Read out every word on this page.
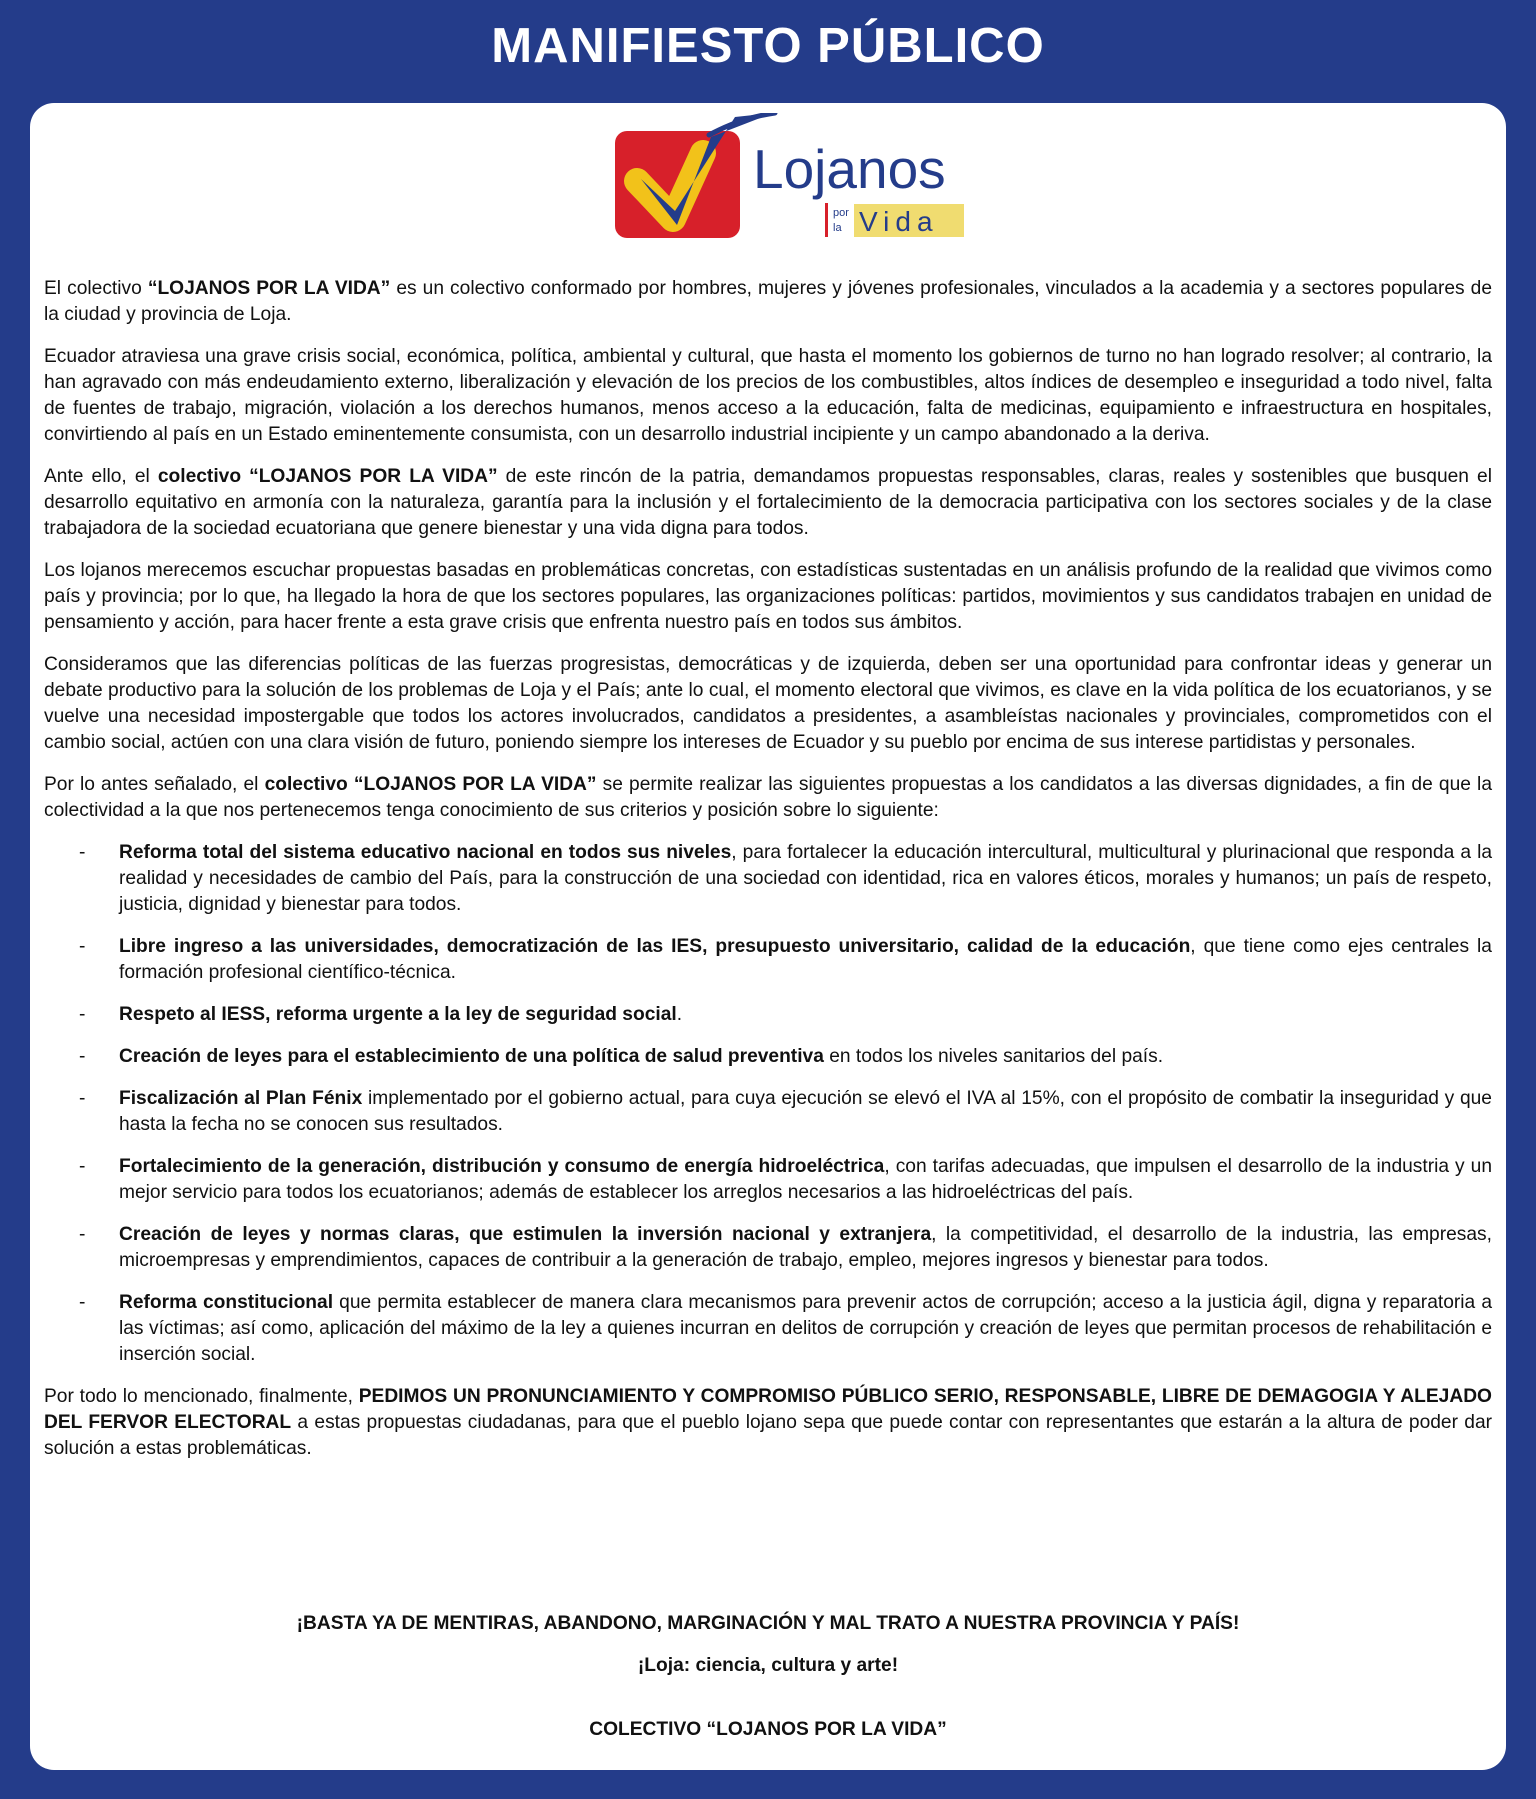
MANIFIESTO PÚBLICO
Lojanos
por
la Vida

El colectivo “LOJANOS POR LA VIDA” es un colectivo conformado por hombres, mujeres y jóvenes profesionales, vinculados a la academia y a sectores populares de la ciudad y provincia de Loja.

Ecuador atraviesa una grave crisis social, económica, política, ambiental y cultural, que hasta el momento los gobiernos de turno no han logrado resolver; al contrario, la han agravado con más endeudamiento externo, liberalización y elevación de los precios de los combustibles, altos índices de desempleo e inseguridad a todo nivel, falta de fuentes de trabajo, migración, violación a los derechos humanos, menos acceso a la educación, falta de medicinas, equipamiento e infraestructura en hospitales, convirtiendo al país en un Estado eminentemente consumista, con un desarrollo industrial incipiente y un campo abandonado a la deriva.

Ante ello, el colectivo “LOJANOS POR LA VIDA” de este rincón de la patria, demandamos propuestas responsables, claras, reales y sostenibles que busquen el desarrollo equitativo en armonía con la naturaleza, garantía para la inclusión y el fortalecimiento de la democracia participativa con los sectores sociales y de la clase trabajadora de la sociedad ecuatoriana que genere bienestar y una vida digna para todos.

Los lojanos merecemos escuchar propuestas basadas en problemáticas concretas, con estadísticas sustentadas en un análisis profundo de la realidad que vivimos como país y provincia; por lo que, ha llegado la hora de que los sectores populares, las organizaciones políticas: partidos, movimientos y sus candidatos trabajen en unidad de pensamiento y acción, para hacer frente a esta grave crisis que enfrenta nuestro país en todos sus ámbitos.

Consideramos que las diferencias políticas de las fuerzas progresistas, democráticas y de izquierda, deben ser una oportunidad para confrontar ideas y generar un debate productivo para la solución de los problemas de Loja y el País; ante lo cual, el momento electoral que vivimos, es clave en la vida política de los ecuatorianos, y se vuelve una necesidad impostergable que todos los actores involucrados, candidatos a presidentes, a asambleístas nacionales y provinciales, comprometidos con el cambio social, actúen con una clara visión de futuro, poniendo siempre los intereses de Ecuador y su pueblo por encima de sus interese partidistas y personales.

Por lo antes señalado, el colectivo “LOJANOS POR LA VIDA” se permite realizar las siguientes propuestas a los candidatos a las diversas dignidades, a fin de que la colectividad a la que nos pertenecemos tenga conocimiento de sus criterios y posición sobre lo siguiente:

- Reforma total del sistema educativo nacional en todos sus niveles, para fortalecer la educación intercultural, multicultural y plurinacional que responda a la realidad y necesidades de cambio del País, para la construcción de una sociedad con identidad, rica en valores éticos, morales y humanos; un país de respeto, justicia, dignidad y bienestar para todos.
- Libre ingreso a las universidades, democratización de las IES, presupuesto universitario, calidad de la educación, que tiene como ejes centrales la formación profesional científico-técnica.
- Respeto al IESS, reforma urgente a la ley de seguridad social.
- Creación de leyes para el establecimiento de una política de salud preventiva en todos los niveles sanitarios del país.
- Fiscalización al Plan Fénix implementado por el gobierno actual, para cuya ejecución se elevó el IVA al 15%, con el propósito de combatir la inseguridad y que hasta la fecha no se conocen sus resultados.
- Fortalecimiento de la generación, distribución y consumo de energía hidroeléctrica, con tarifas adecuadas, que impulsen el desarrollo de la industria y un mejor servicio para todos los ecuatorianos; además de establecer los arreglos necesarios a las hidroeléctricas del país.
- Creación de leyes y normas claras, que estimulen la inversión nacional y extranjera, la competitividad, el desarrollo de la industria, las empresas, microempresas y emprendimientos, capaces de contribuir a la generación de trabajo, empleo, mejores ingresos y bienestar para todos.
- Reforma constitucional que permita establecer de manera clara mecanismos para prevenir actos de corrupción; acceso a la justicia ágil, digna y reparatoria a las víctimas; así como, aplicación del máximo de la ley a quienes incurran en delitos de corrupción y creación de leyes que permitan procesos de rehabilitación e inserción social.

Por todo lo mencionado, finalmente, PEDIMOS UN PRONUNCIAMIENTO Y COMPROMISO PÚBLICO SERIO, RESPONSABLE, LIBRE DE DEMAGOGIA Y ALEJADO DEL FERVOR ELECTORAL a estas propuestas ciudadanas, para que el pueblo lojano sepa que puede contar con representantes que estarán a la altura de poder dar solución a estas problemáticas.

¡BASTA YA DE MENTIRAS, ABANDONO, MARGINACIÓN Y MAL TRATO A NUESTRA PROVINCIA Y PAÍS!
¡Loja: ciencia, cultura y arte!
COLECTIVO “LOJANOS POR LA VIDA”
